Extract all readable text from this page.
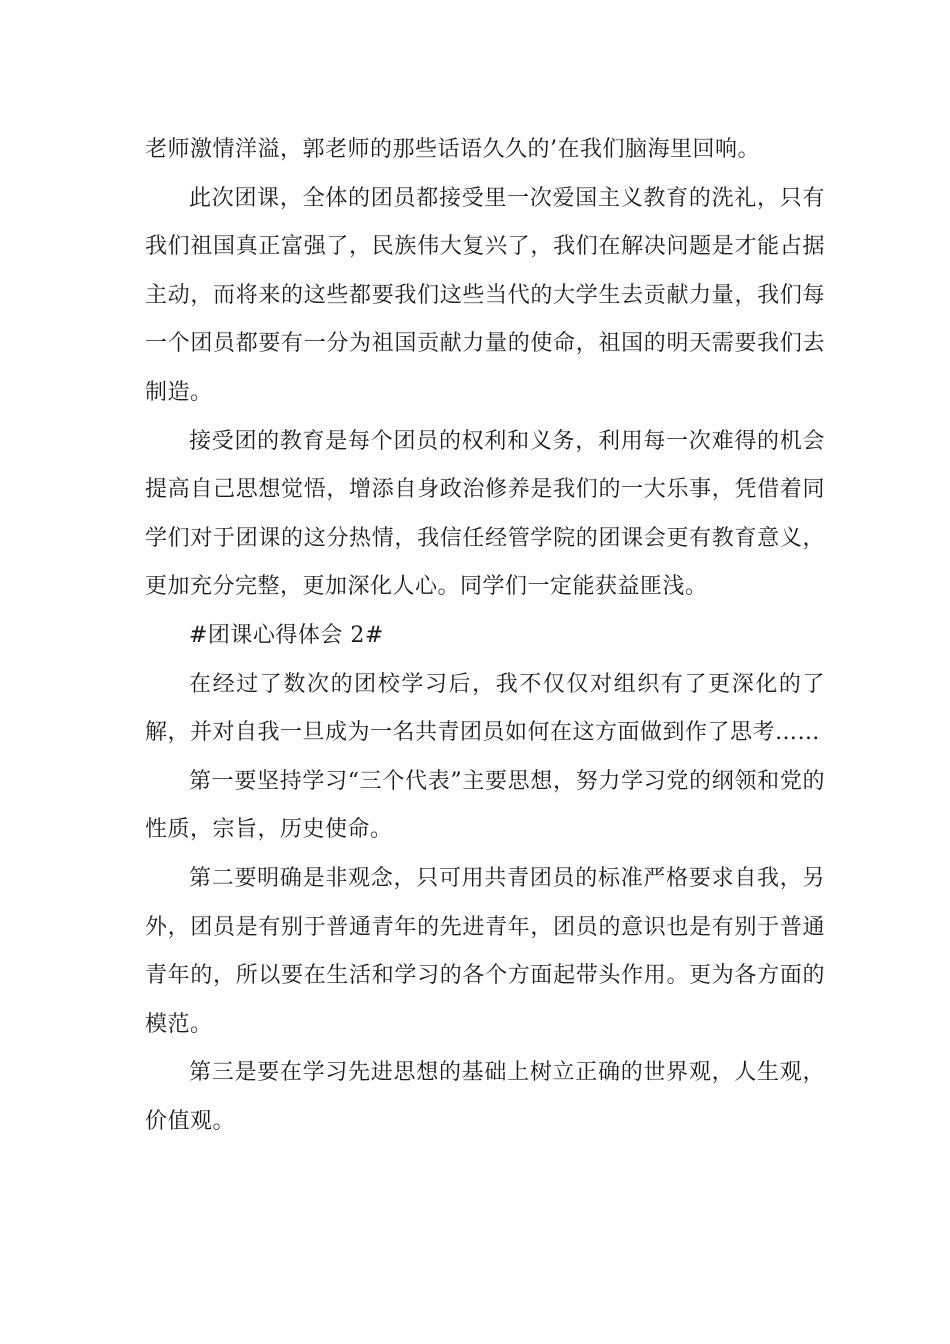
老师激情洋溢，郭老师的那些话语久久的’在我们脑海里回响。

此次团课，全体的团员都接受里一次爱国主义教育的洗礼，只有我们祖国真正富强了，民族伟大复兴了，我们在解决问题是才能占据主动，而将来的这些都要我们这些当代的大学生去贡献力量，我们每一个团员都要有一分为祖国贡献力量的使命，祖国的明天需要我们去制造。

接受团的教育是每个团员的权利和义务，利用每一次难得的机会提高自己思想觉悟，增添自身政治修养是我们的一大乐事，凭借着同学们对于团课的这分热情，我信任经管学院的团课会更有教育意义，更加充分完整，更加深化人心。同学们一定能获益匪浅。

#团课心得体会 2#

在经过了数次的团校学习后，我不仅仅对组织有了更深化的了解，并对自我一旦成为一名共青团员如何在这方面做到作了思考……

第一要坚持学习“三个代表”主要思想，努力学习党的纲领和党的性质，宗旨，历史使命。

第二要明确是非观念，只可用共青团员的标准严格要求自我，另外，团员是有别于普通青年的先进青年，团员的意识也是有别于普通青年的，所以要在生活和学习的各个方面起带头作用。更为各方面的模范。

第三是要在学习先进思想的基础上树立正确的世界观，人生观，价值观。
